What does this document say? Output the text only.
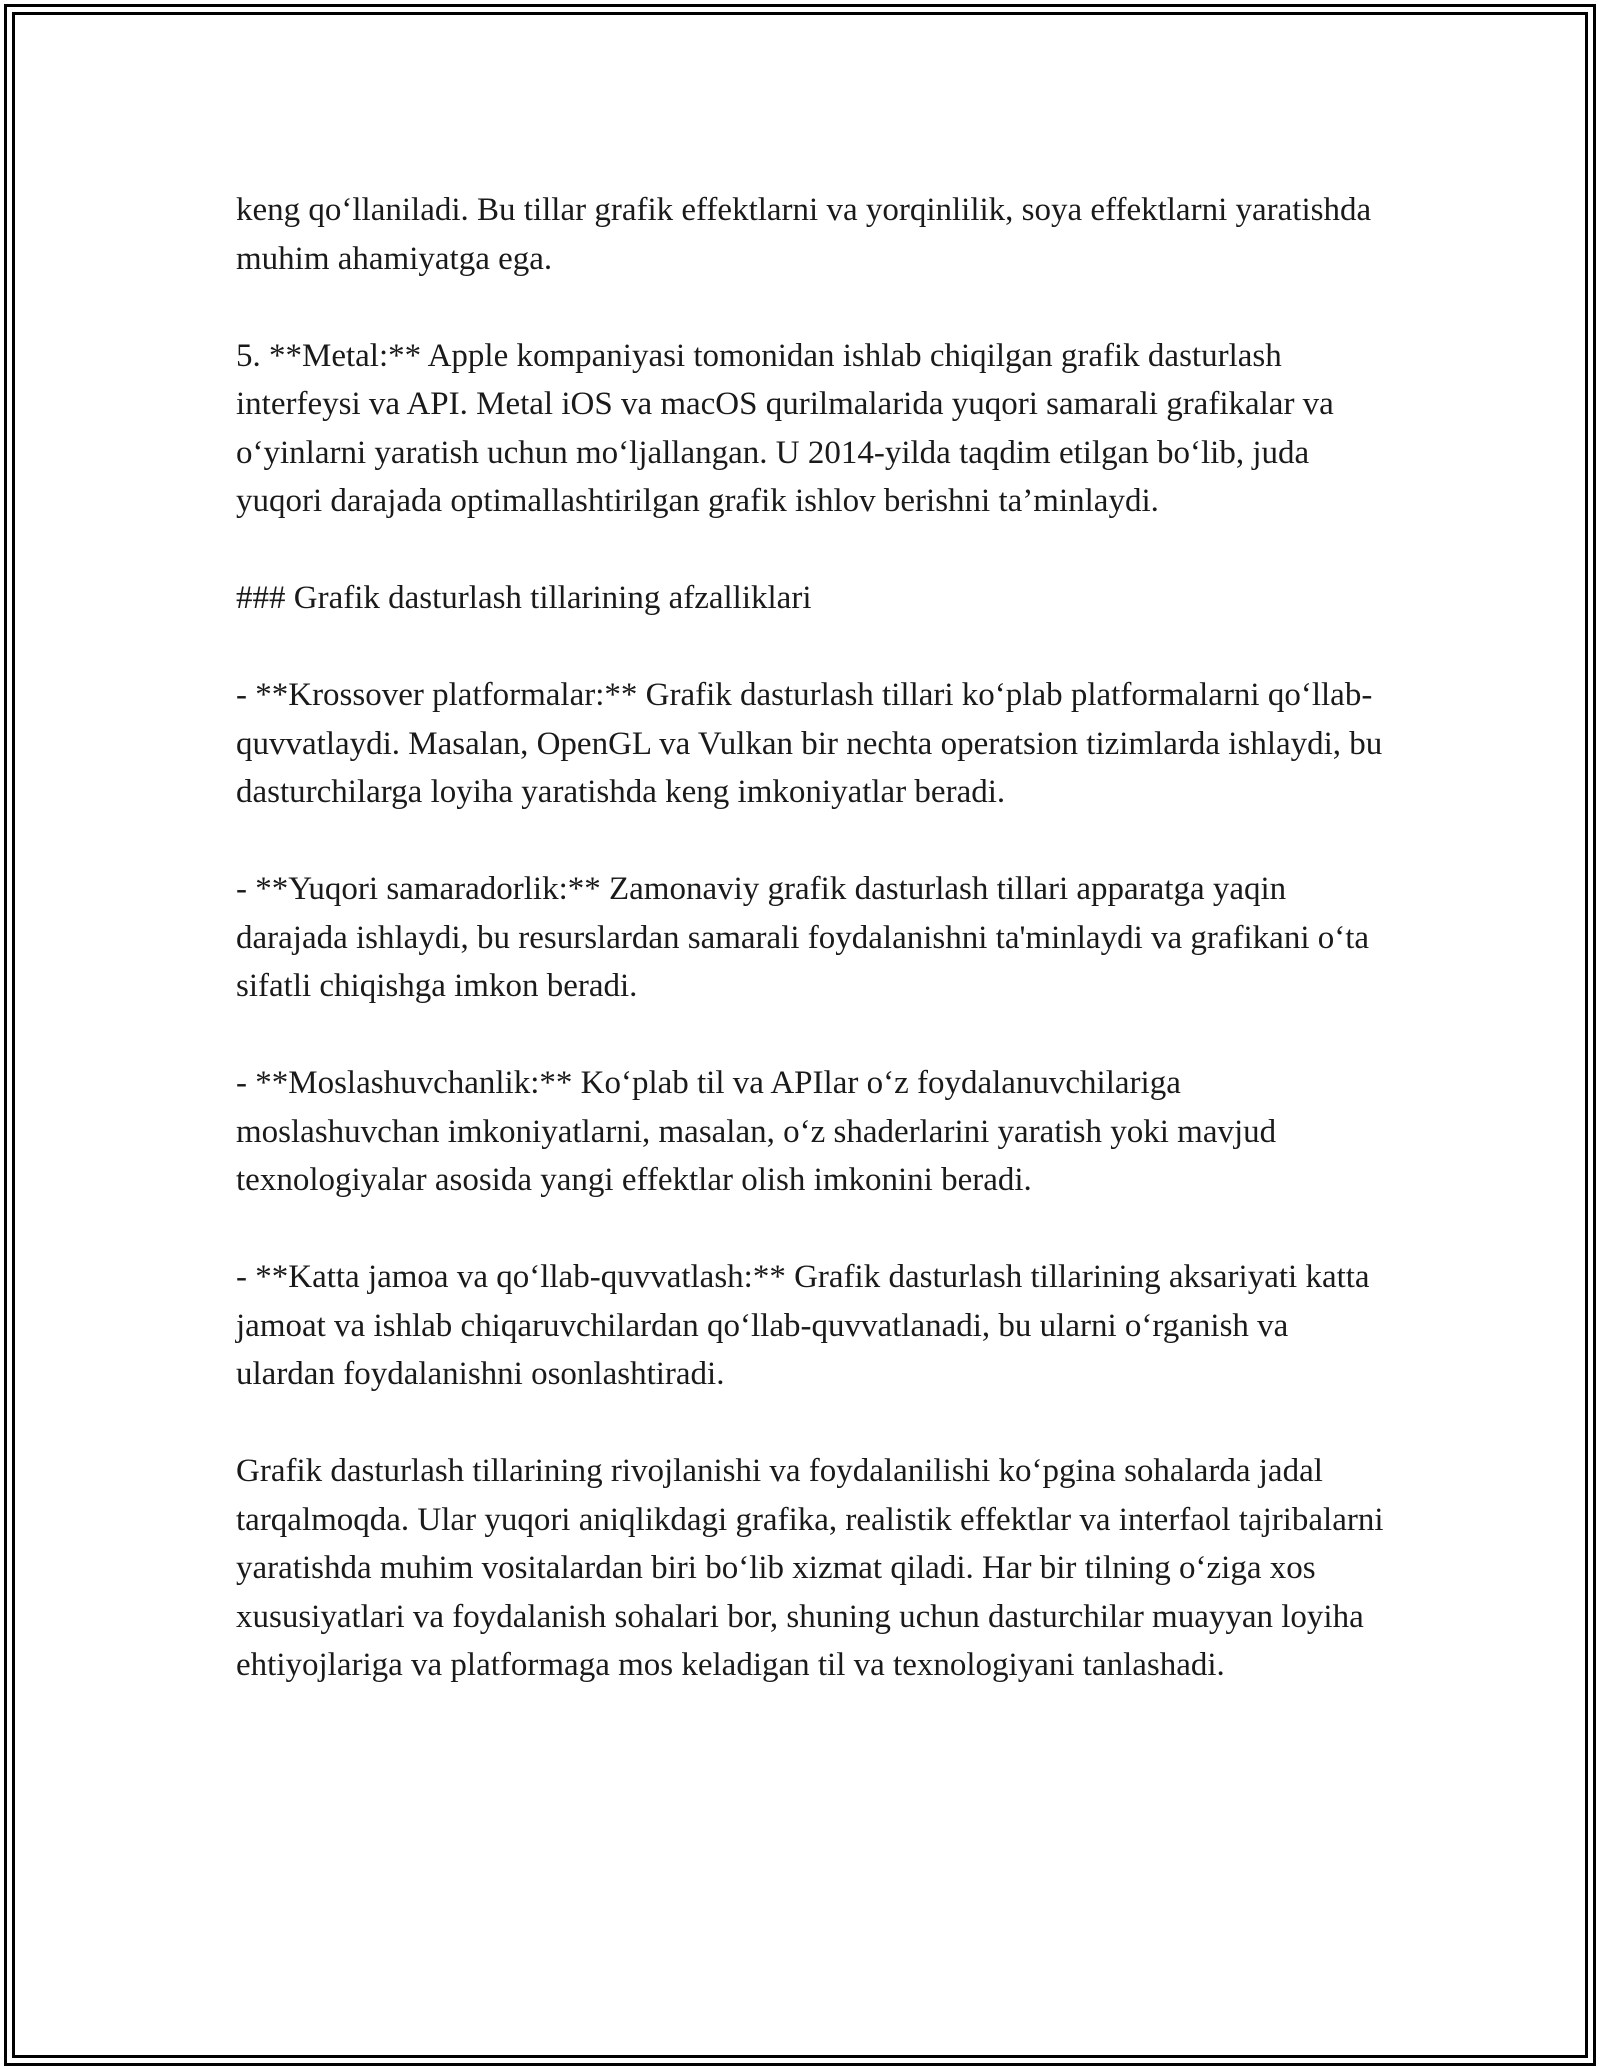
keng qo‘llaniladi. Bu tillar grafik effektlarni va yorqinlilik, soya effektlarni yaratishda muhim ahamiyatga ega.

5. **Metal:** Apple kompaniyasi tomonidan ishlab chiqilgan grafik dasturlash interfeysi va API. Metal iOS va macOS qurilmalarida yuqori samarali grafikalar va o‘yinlarni yaratish uchun mo‘ljallangan. U 2014-yilda taqdim etilgan bo‘lib, juda yuqori darajada optimallashtirilgan grafik ishlov berishni ta’minlaydi.

### Grafik dasturlash tillarining afzalliklari

- **Krossover platformalar:** Grafik dasturlash tillari ko‘plab platformalarni qo‘llab-quvvatlaydi. Masalan, OpenGL va Vulkan bir nechta operatsion tizimlarda ishlaydi, bu dasturchilarga loyiha yaratishda keng imkoniyatlar beradi.

- **Yuqori samaradorlik:** Zamonaviy grafik dasturlash tillari apparatga yaqin darajada ishlaydi, bu resurslardan samarali foydalanishni ta'minlaydi va grafikani o‘ta sifatli chiqishga imkon beradi.

- **Moslashuvchanlik:** Ko‘plab til va APIlar o‘z foydalanuvchilariga moslashuvchan imkoniyatlarni, masalan, o‘z shaderlarini yaratish yoki mavjud texnologiyalar asosida yangi effektlar olish imkonini beradi.

- **Katta jamoa va qo‘llab-quvvatlash:** Grafik dasturlash tillarining aksariyati katta jamoat va ishlab chiqaruvchilardan qo‘llab-quvvatlanadi, bu ularni o‘rganish va ulardan foydalanishni osonlashtiradi.

Grafik dasturlash tillarining rivojlanishi va foydalanilishi ko‘pgina sohalarda jadal tarqalmoqda. Ular yuqori aniqlikdagi grafika, realistik effektlar va interfaol tajribalarni yaratishda muhim vositalardan biri bo‘lib xizmat qiladi. Har bir tilning o‘ziga xos xususiyatlari va foydalanish sohalari bor, shuning uchun dasturchilar muayyan loyiha ehtiyojlariga va platformaga mos keladigan til va texnologiyani tanlashadi.
